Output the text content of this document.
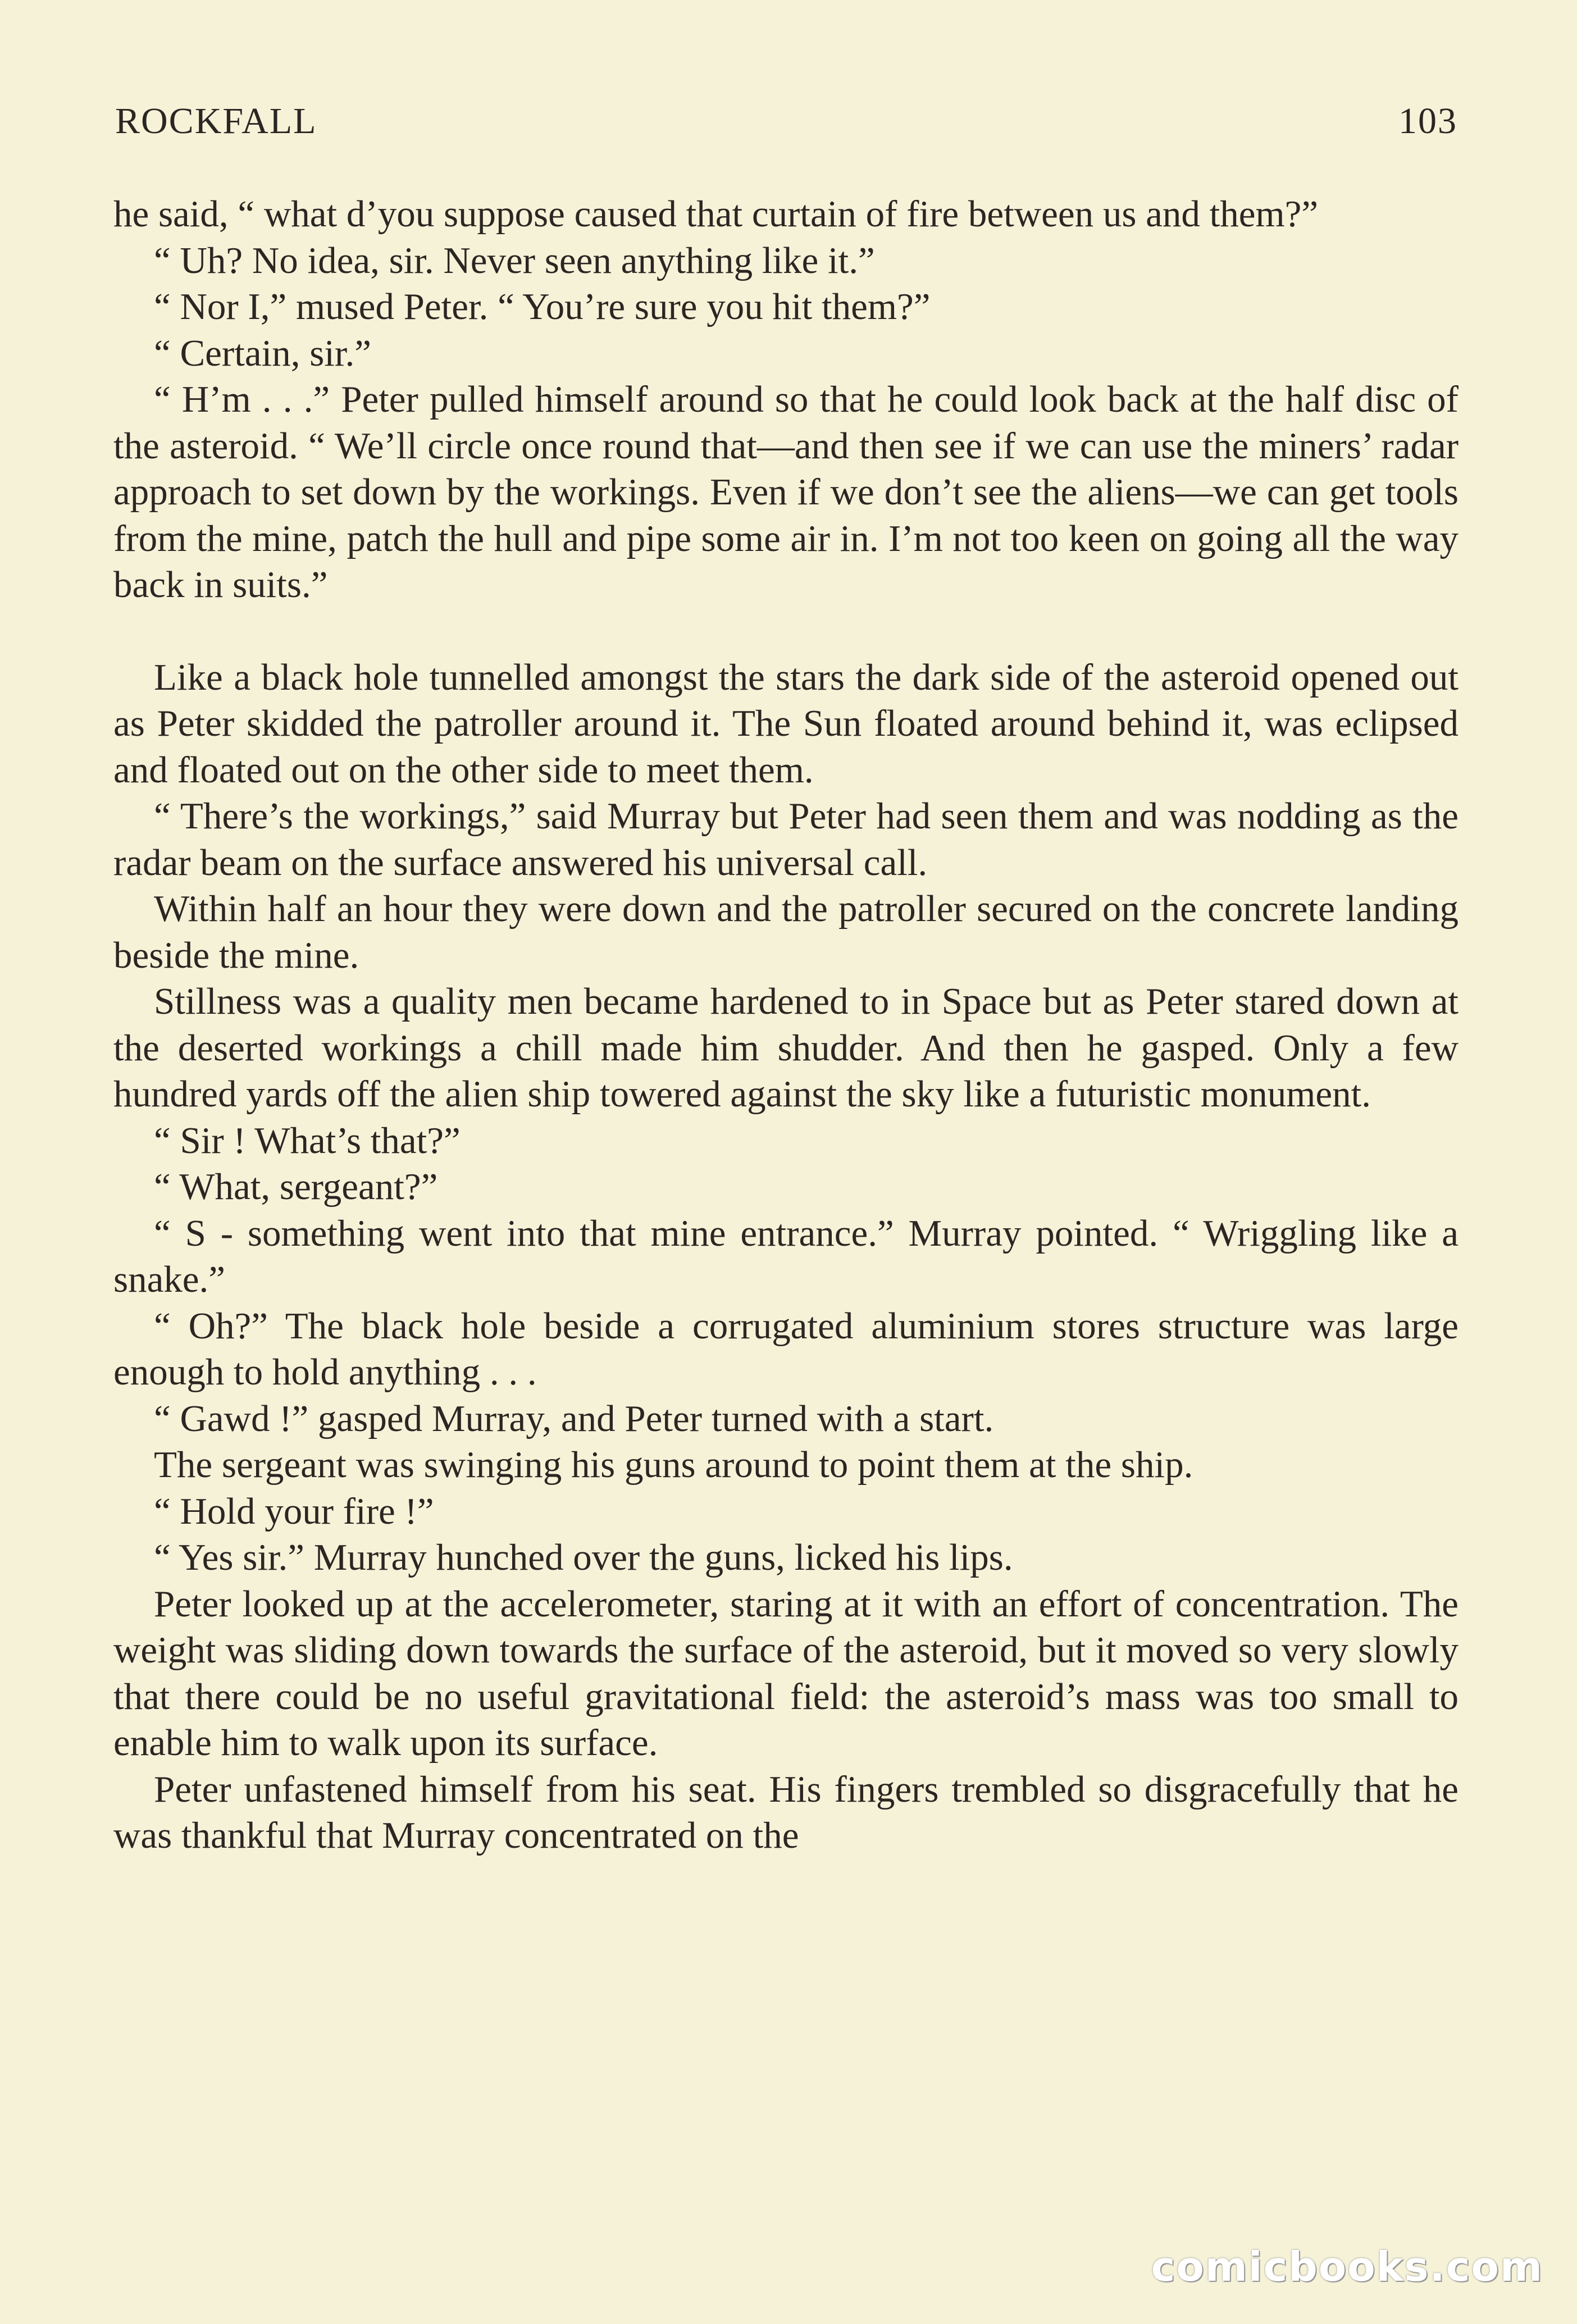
ROCKFALL	103

he said, “ what d’you suppose caused that curtain of fire between us and them?”

“ Uh? No idea, sir. Never seen anything like it.”

“ Nor I,” mused Peter. “ You’re sure you hit them?”

“ Certain, sir.”

“ H’m . . .” Peter pulled himself around so that he could look back at the half disc of the asteroid. “ We’ll circle once round that—and then see if we can use the miners’ radar approach to set down by the workings. Even if we don’t see the aliens—we can get tools from the mine, patch the hull and pipe some air in. I’m not too keen on going all the way back in suits.”

Like a black hole tunnelled amongst the stars the dark side of the asteroid opened out as Peter skidded the patroller around it. The Sun floated around behind it, was eclipsed and floated out on the other side to meet them.

“ There’s the workings,” said Murray but Peter had seen them and was nodding as the radar beam on the surface answered his universal call.

Within half an hour they were down and the patroller secured on the concrete landing beside the mine.

Stillness was a quality men became hardened to in Space but as Peter stared down at the deserted workings a chill made him shudder. And then he gasped. Only a few hundred yards off the alien ship towered against the sky like a futuristic monument.

“ Sir ! What’s that?”

“ What, sergeant?”

“ S - something went into that mine entrance.” Murray pointed. “ Wriggling like a snake.”

“ Oh?” The black hole beside a corrugated aluminium stores structure was large enough to hold anything . . .

“ Gawd !” gasped Murray, and Peter turned with a start.

The sergeant was swinging his guns around to point them at the ship.

“ Hold your fire !”

“ Yes sir.” Murray hunched over the guns, licked his lips.

Peter looked up at the accelerometer, staring at it with an effort of concentration. The weight was sliding down towards the surface of the asteroid, but it moved so very slowly that there could be no useful gravitational field: the asteroid’s mass was too small to enable him to walk upon its surface.

Peter unfastened himself from his seat. His fingers trembled so disgracefully that he was thankful that Murray concentrated on the

comicbooks.com
